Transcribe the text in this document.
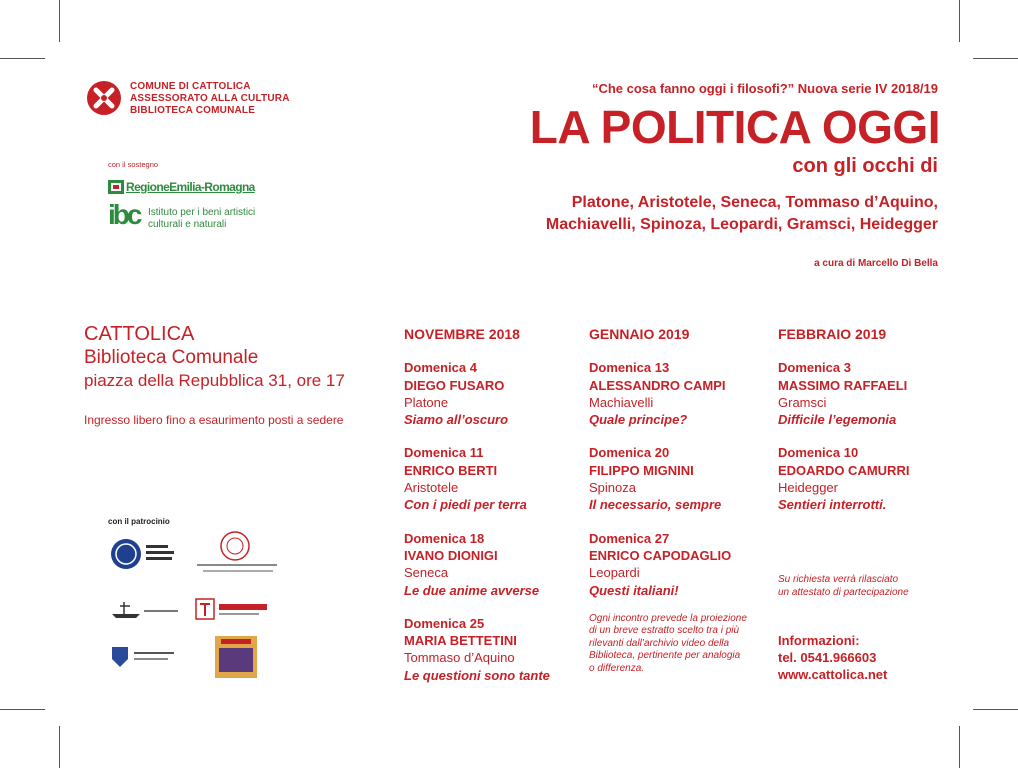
COMUNE DI CATTOLICA
ASSESSORATO ALLA CULTURA
BIBLIOTECA COMUNALE
con il sostegno
RegioneEmilia-Romagna
ibc Istituto per i beni artistici
culturali e naturali
“Che cosa fanno oggi i filosofi?” Nuova serie IV 2018/19
LA POLITICA OGGI
con gli occhi di
Platone, Aristotele, Seneca, Tommaso d’Aquino,
Machiavelli, Spinoza, Leopardi, Gramsci, Heidegger
a cura di Marcello Di Bella
CATTOLICA
Biblioteca Comunale
piazza della Repubblica 31, ore 17
Ingresso libero fino a esaurimento posti a sedere
con il patrocinio
NOVEMBRE 2018
Domenica 4
DIEGO FUSARO
Platone
Siamo all’oscuro
Domenica 11
ENRICO BERTI
Aristotele
Con i piedi per terra
Domenica 18
IVANO DIONIGI
Seneca
Le due anime avverse
Domenica 25
MARIA BETTETINI
Tommaso d’Aquino
Le questioni sono tante
GENNAIO 2019
Domenica 13
ALESSANDRO CAMPI
Machiavelli
Quale principe?
Domenica 20
FILIPPO MIGNINI
Spinoza
Il necessario, sempre
Domenica 27
ENRICO CAPODAGLIO
Leopardi
Questi italiani!
Ogni incontro prevede la proiezione
di un breve estratto scelto tra i più
rilevanti dall’archivio video della
Biblioteca, pertinente per analogia
o differenza.
FEBBRAIO 2019
Domenica 3
MASSIMO RAFFAELI
Gramsci
Difficile l’egemonia
Domenica 10
EDOARDO CAMURRI
Heidegger
Sentieri interrotti.
Su richiesta verrà rilasciato
un attestato di partecipazione
Informazioni:
tel. 0541.966603
www.cattolica.net
